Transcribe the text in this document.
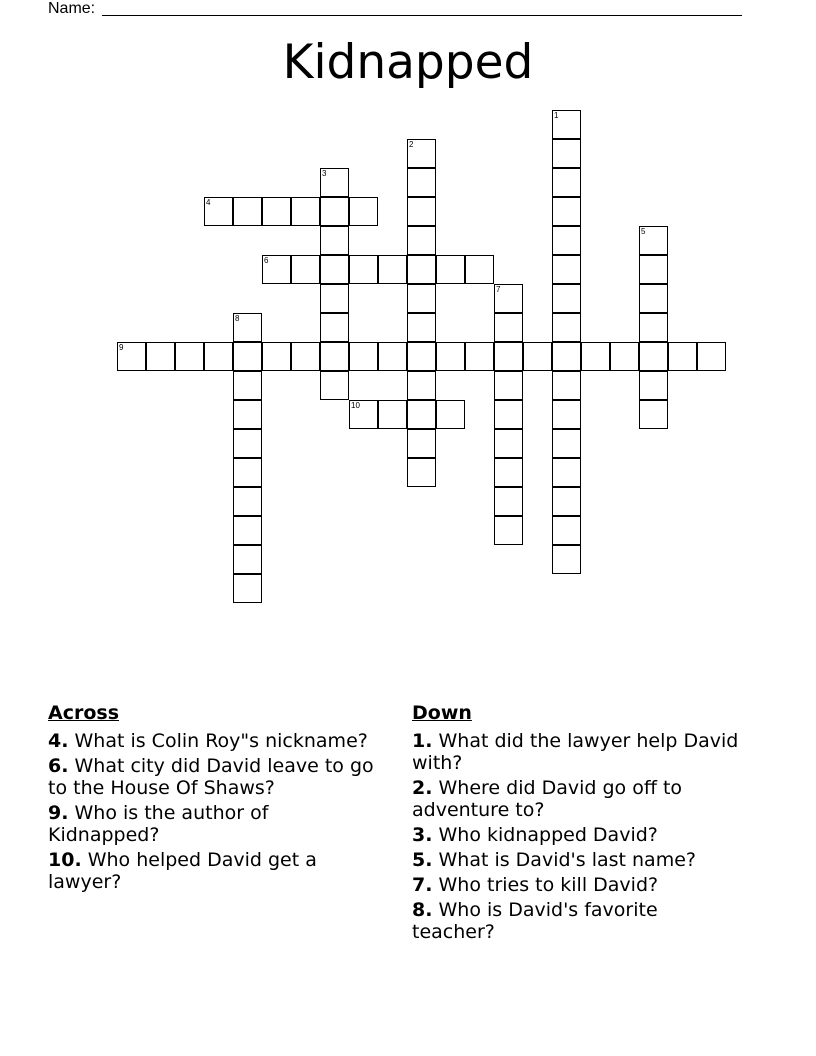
Name:
Kidnapped
1
2
3
4
5
6
7
8
9
10
Across
4. What is Colin Roy"s nickname?
6. What city did David leave to go to the House Of Shaws?
9. Who is the author of Kidnapped?
10. Who helped David get a lawyer?
Down
1. What did the lawyer help David with?
2. Where did David go off to adventure to?
3. Who kidnapped David?
5. What is David's last name?
7. Who tries to kill David?
8. Who is David's favorite teacher?
